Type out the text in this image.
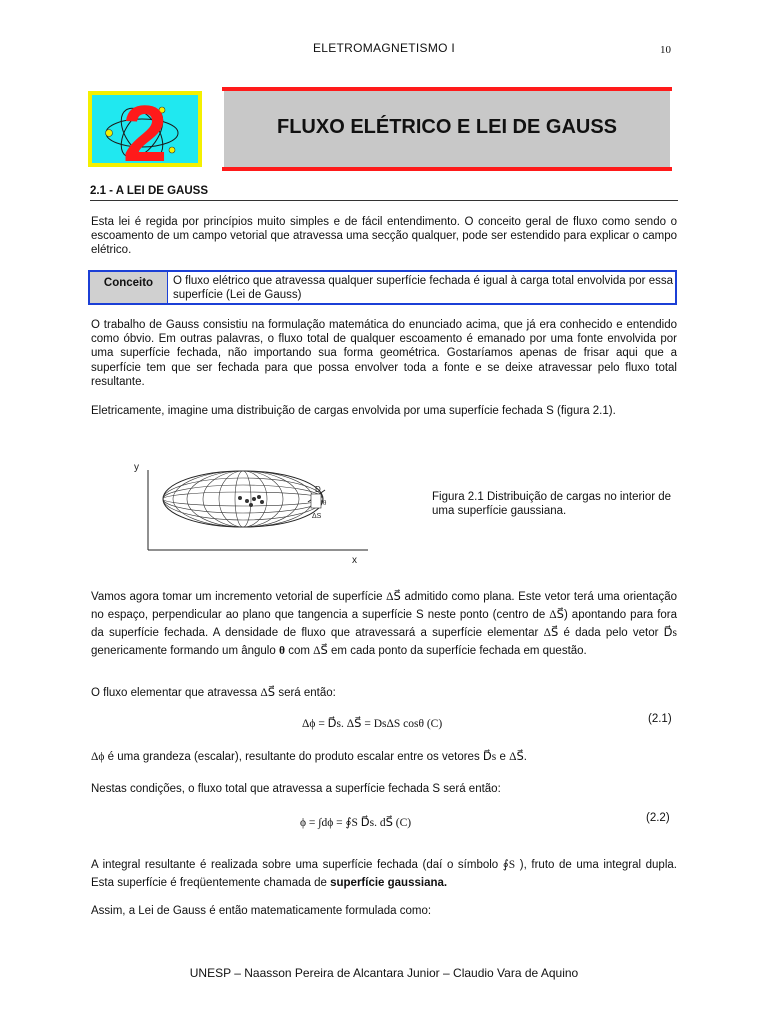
ELETROMAGNETISMO I	10
2	FLUXO ELÉTRICO E LEI DE GAUSS
2.1 - A LEI DE GAUSS
Esta lei é regida por princípios muito simples e de fácil entendimento. O conceito geral de fluxo como sendo o escoamento de um campo vetorial que atravessa uma secção qualquer, pode ser estendido para explicar o campo elétrico.
Conceito	O fluxo elétrico que atravessa qualquer superfície fechada é igual à carga total envolvida por essa superfície (Lei de Gauss)
O trabalho de Gauss consistiu na formulação matemática do enunciado acima, que já era conhecido e entendido como óbvio. Em outras palavras, o fluxo total de qualquer escoamento é emanado por uma fonte envolvida por uma superfície fechada, não importando sua forma geométrica. Gostaríamos apenas de frisar aqui que a superfície tem que ser fechada para que possa envolver toda a fonte e se deixe atravessar pelo fluxo total resultante.
Eletricamente, imagine uma distribuição de cargas envolvida por uma superfície fechada S (figura 2.1).
y
x
D
θ
ΔS
Figura 2.1 Distribuição de cargas no interior de uma superfície gaussiana.
Vamos agora tomar um incremento vetorial de superfície ΔS⃗ admitido como plana. Este vetor terá uma orientação no espaço, perpendicular ao plano que tangencia a superfície S neste ponto (centro de ΔS⃗) apontando para fora da superfície fechada. A densidade de fluxo que atravessará a superfície elementar ΔS⃗ é dada pelo vetor D⃗s genericamente formando um ângulo θ com ΔS⃗ em cada ponto da superfície fechada em questão.
O fluxo elementar que atravessa ΔS⃗ será então:
Δϕ = D⃗s. ΔS⃗ = DsΔS cosθ (C)	(2.1)
Δϕ é uma grandeza (escalar), resultante do produto escalar entre os vetores D⃗s e ΔS⃗.
Nestas condições, o fluxo total que atravessa a superfície fechada S será então:
ϕ = ∫dϕ = ∮S D⃗s. dS⃗ (C)	(2.2)
A integral resultante é realizada sobre uma superfície fechada (daí o símbolo ∮S ), fruto de uma integral dupla. Esta superfície é freqüentemente chamada de superfície gaussiana.
Assim, a Lei de Gauss é então matematicamente formulada como:
UNESP – Naasson Pereira de Alcantara Junior – Claudio Vara de Aquino
